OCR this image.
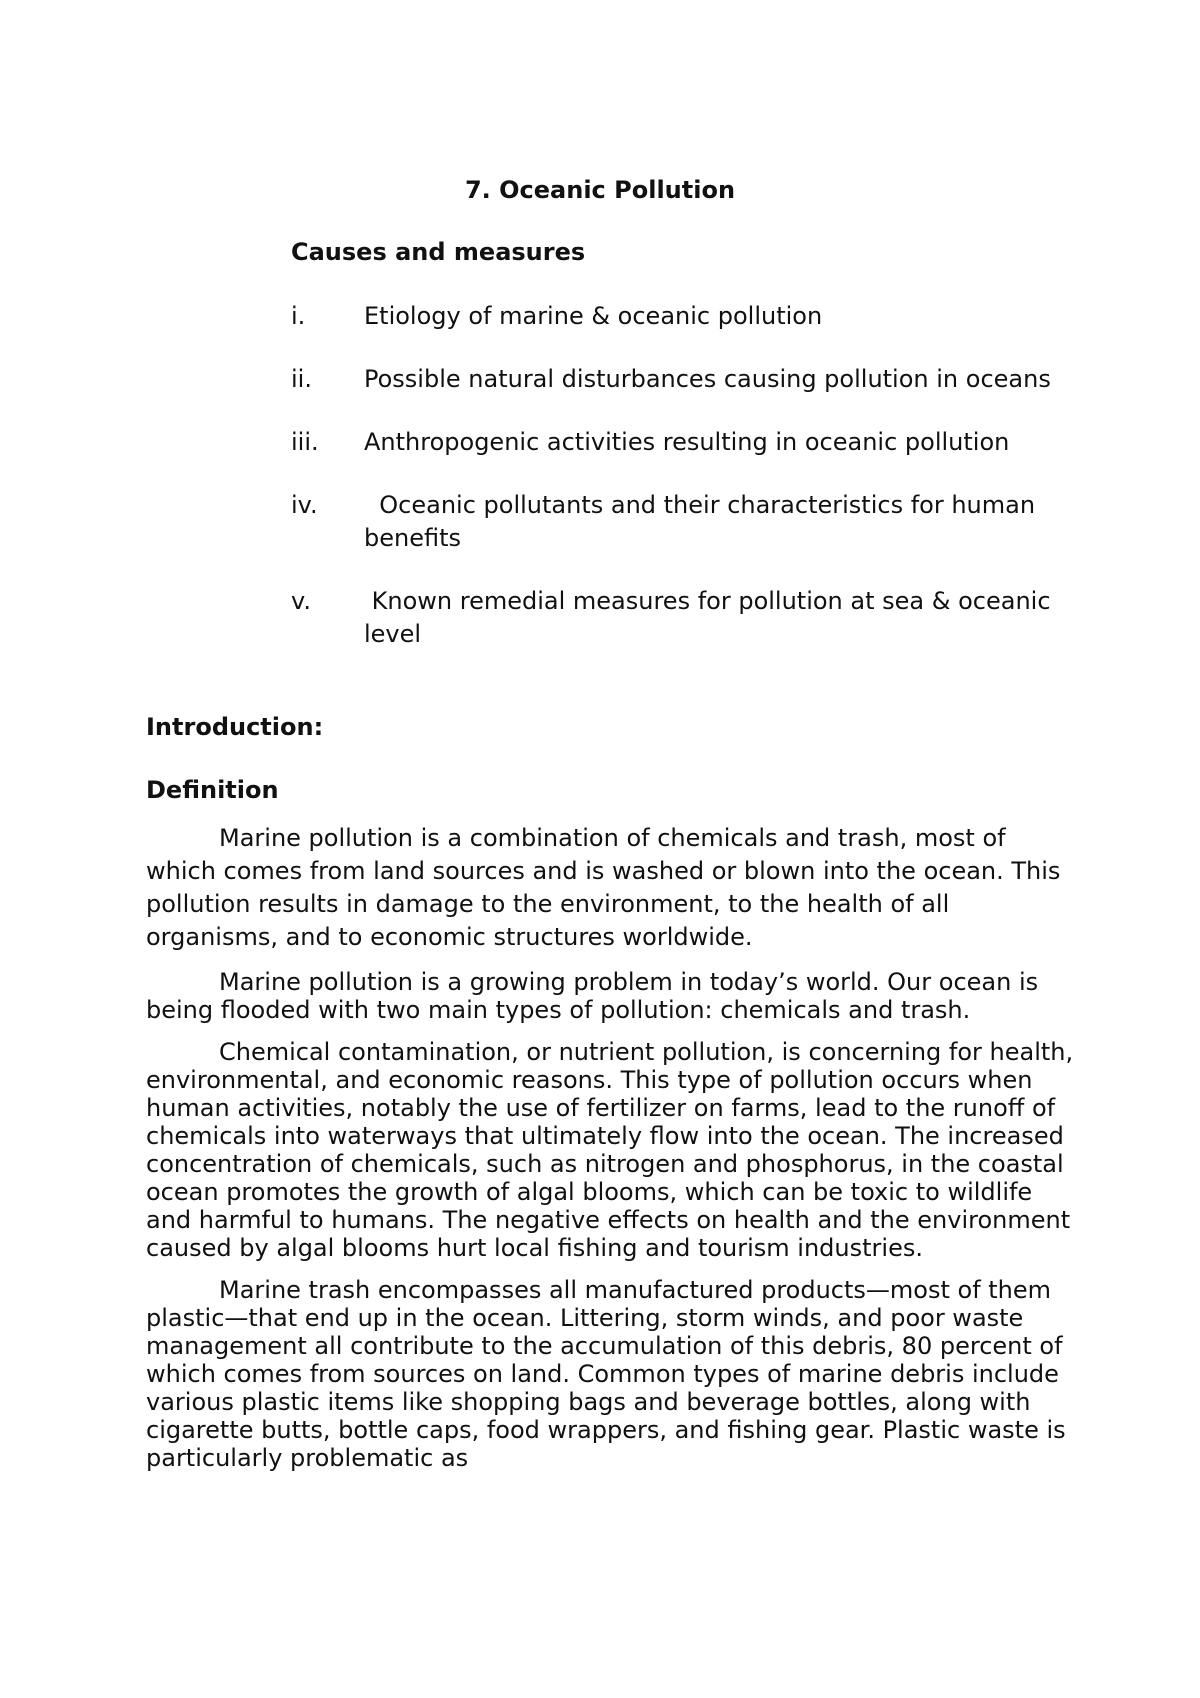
7. Oceanic Pollution
Causes and measures
i. Etiology of marine & oceanic pollution
ii. Possible natural disturbances causing pollution in oceans
iii. Anthropogenic activities resulting in oceanic pollution
iv. Oceanic pollutants and their characteristics for human benefits
v. Known remedial measures for pollution at sea & oceanic level
Introduction:
Definition

Marine pollution is a combination of chemicals and trash, most of which comes from land sources and is washed or blown into the ocean. This pollution results in damage to the environment, to the health of all organisms, and to economic structures worldwide.

Marine pollution is a growing problem in today’s world. Our ocean is being flooded with two main types of pollution: chemicals and trash.

Chemical contamination, or nutrient pollution, is concerning for health, environmental, and economic reasons. This type of pollution occurs when human activities, notably the use of fertilizer on farms, lead to the runoff of chemicals into waterways that ultimately flow into the ocean. The increased concentration of chemicals, such as nitrogen and phosphorus, in the coastal ocean promotes the growth of algal blooms, which can be toxic to wildlife and harmful to humans. The negative effects on health and the environment caused by algal blooms hurt local fishing and tourism industries.

Marine trash encompasses all manufactured products—most of them plastic—that end up in the ocean. Littering, storm winds, and poor waste management all contribute to the accumulation of this debris, 80 percent of which comes from sources on land. Common types of marine debris include various plastic items like shopping bags and beverage bottles, along with cigarette butts, bottle caps, food wrappers, and fishing gear. Plastic waste is particularly problematic as
